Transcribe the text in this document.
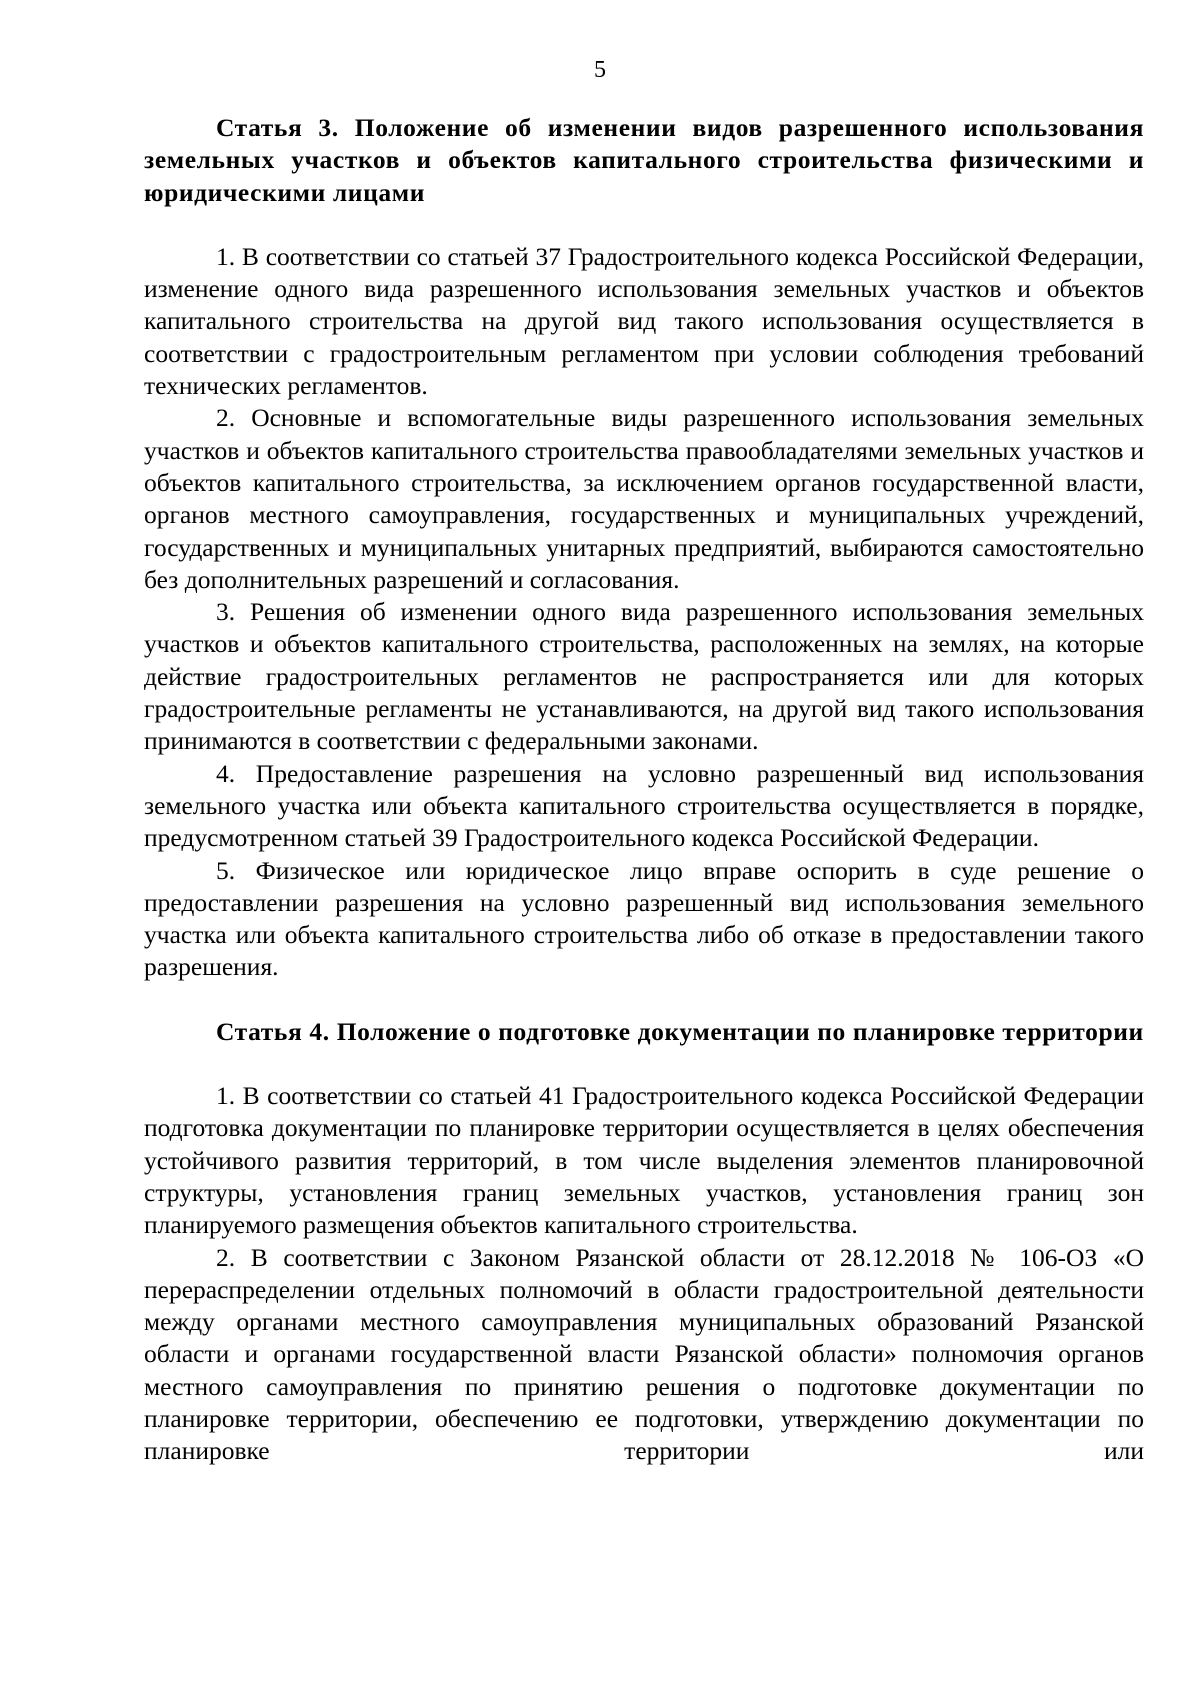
5

Статья 3. Положение об изменении видов разрешенного использования земельных участков и объектов капитального строительства физическими и юридическими лицами

1. В соответствии со статьей 37 Градостроительного кодекса Российской Федерации, изменение одного вида разрешенного использования земельных участков и объектов капитального строительства на другой вид такого использования осуществляется в соответствии с градостроительным регламентом при условии соблюдения требований технических регламентов.

2. Основные и вспомогательные виды разрешенного использования земельных участков и объектов капитального строительства правообладателями земельных участков и объектов капитального строительства, за исключением органов государственной власти, органов местного самоуправления, государственных и муниципальных учреждений, государственных и муниципальных унитарных предприятий, выбираются самостоятельно без дополнительных разрешений и согласования.

3. Решения об изменении одного вида разрешенного использования земельных участков и объектов капитального строительства, расположенных на землях, на которые действие градостроительных регламентов не распространяется или для которых градостроительные регламенты не устанавливаются, на другой вид такого использования принимаются в соответствии с федеральными законами.

4. Предоставление разрешения на условно разрешенный вид использования земельного участка или объекта капитального строительства осуществляется в порядке, предусмотренном статьей 39 Градостроительного кодекса Российской Федерации.

5. Физическое или юридическое лицо вправе оспорить в суде решение о предоставлении разрешения на условно разрешенный вид использования земельного участка или объекта капитального строительства либо об отказе в предоставлении такого разрешения.

Статья 4. Положение о подготовке документации по планировке территории

1. В соответствии со статьей 41 Градостроительного кодекса Российской Федерации подготовка документации по планировке территории осуществляется в целях обеспечения устойчивого развития территорий, в том числе выделения элементов планировочной структуры, установления границ земельных участков, установления границ зон планируемого размещения объектов капитального строительства.

2. В соответствии с Законом Рязанской области от 28.12.2018 № 106-ОЗ «О перераспределении отдельных полномочий в области градостроительной деятельности между органами местного самоуправления муниципальных образований Рязанской области и органами государственной власти Рязанской области» полномочия органов местного самоуправления по принятию решения о подготовке документации по планировке территории, обеспечению ее подготовки, утверждению документации по планировке территории или
